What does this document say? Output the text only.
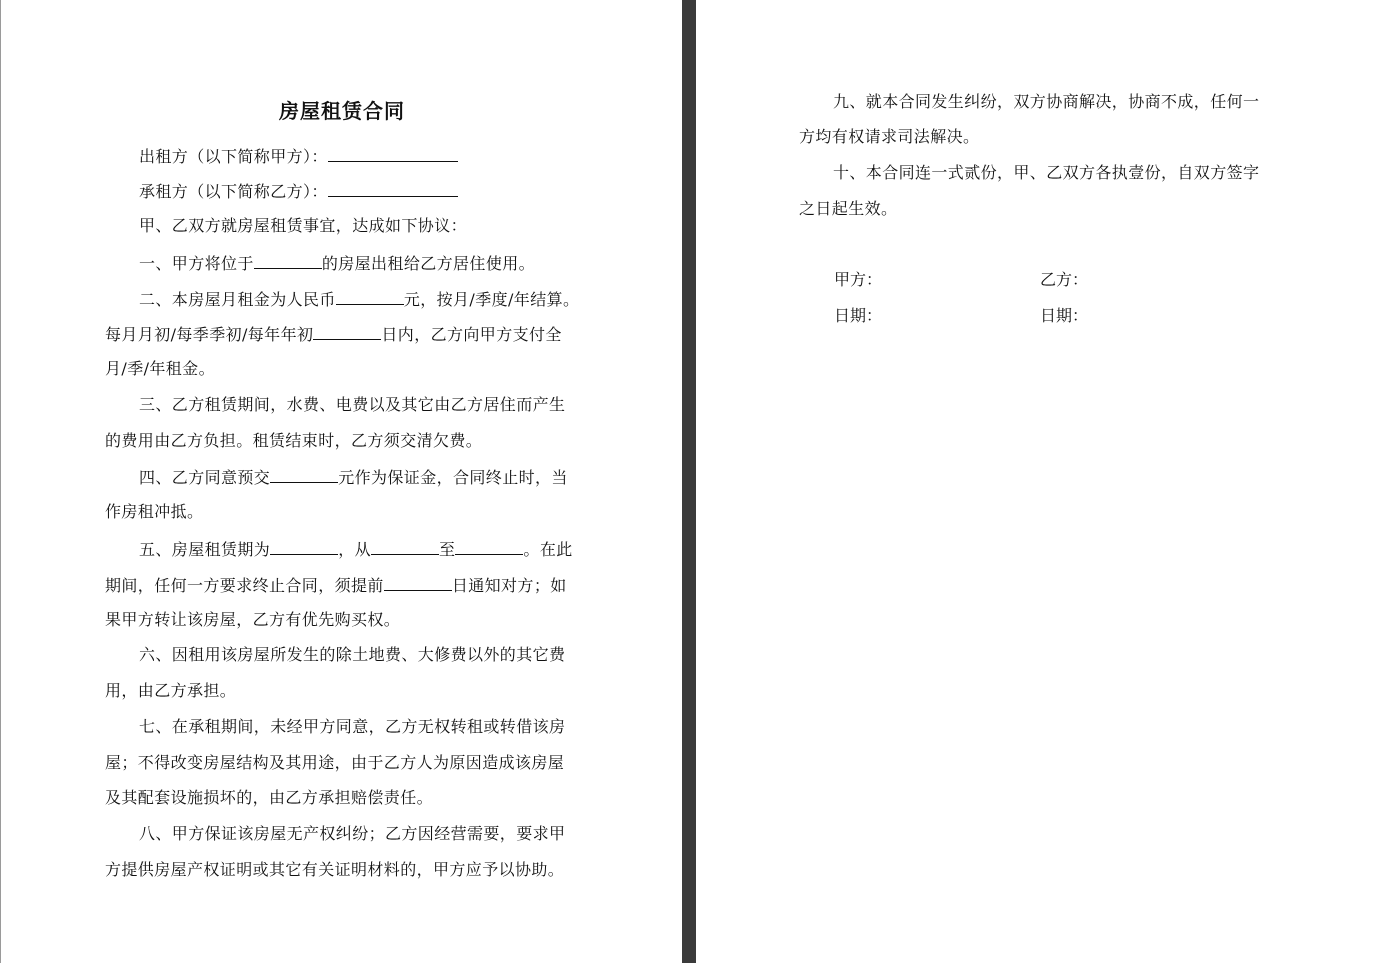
房屋租赁合同
出租方（以下简称甲方）：
承租方（以下简称乙方）：
甲、乙双方就房屋租赁事宜，达成如下协议：
一、甲方将位于	的房屋出租给乙方居住使用。
二、本房屋月租金为人民币	元，按月/季度/年结算。
每月月初/每季季初/每年年初	日内，乙方向甲方支付全
月/季/年租金。
三、乙方租赁期间，水费、电费以及其它由乙方居住而产生
的费用由乙方负担。租赁结束时，乙方须交清欠费。
四、乙方同意预交	元作为保证金，合同终止时，当
作房租冲抵。
五、房屋租赁期为	，从	至	。在此
期间，任何一方要求终止合同，须提前	日通知对方；如
果甲方转让该房屋，乙方有优先购买权。
六、因租用该房屋所发生的除土地费、大修费以外的其它费
用，由乙方承担。
七、在承租期间，未经甲方同意，乙方无权转租或转借该房
屋；不得改变房屋结构及其用途，由于乙方人为原因造成该房屋
及其配套设施损坏的，由乙方承担赔偿责任。
八、甲方保证该房屋无产权纠纷；乙方因经营需要，要求甲
方提供房屋产权证明或其它有关证明材料的，甲方应予以协助。
九、就本合同发生纠纷，双方协商解决，协商不成，任何一
方均有权请求司法解决。
十、本合同连一式贰份，甲、乙双方各执壹份，自双方签字
之日起生效。
甲方：	乙方：
日期：	日期：
